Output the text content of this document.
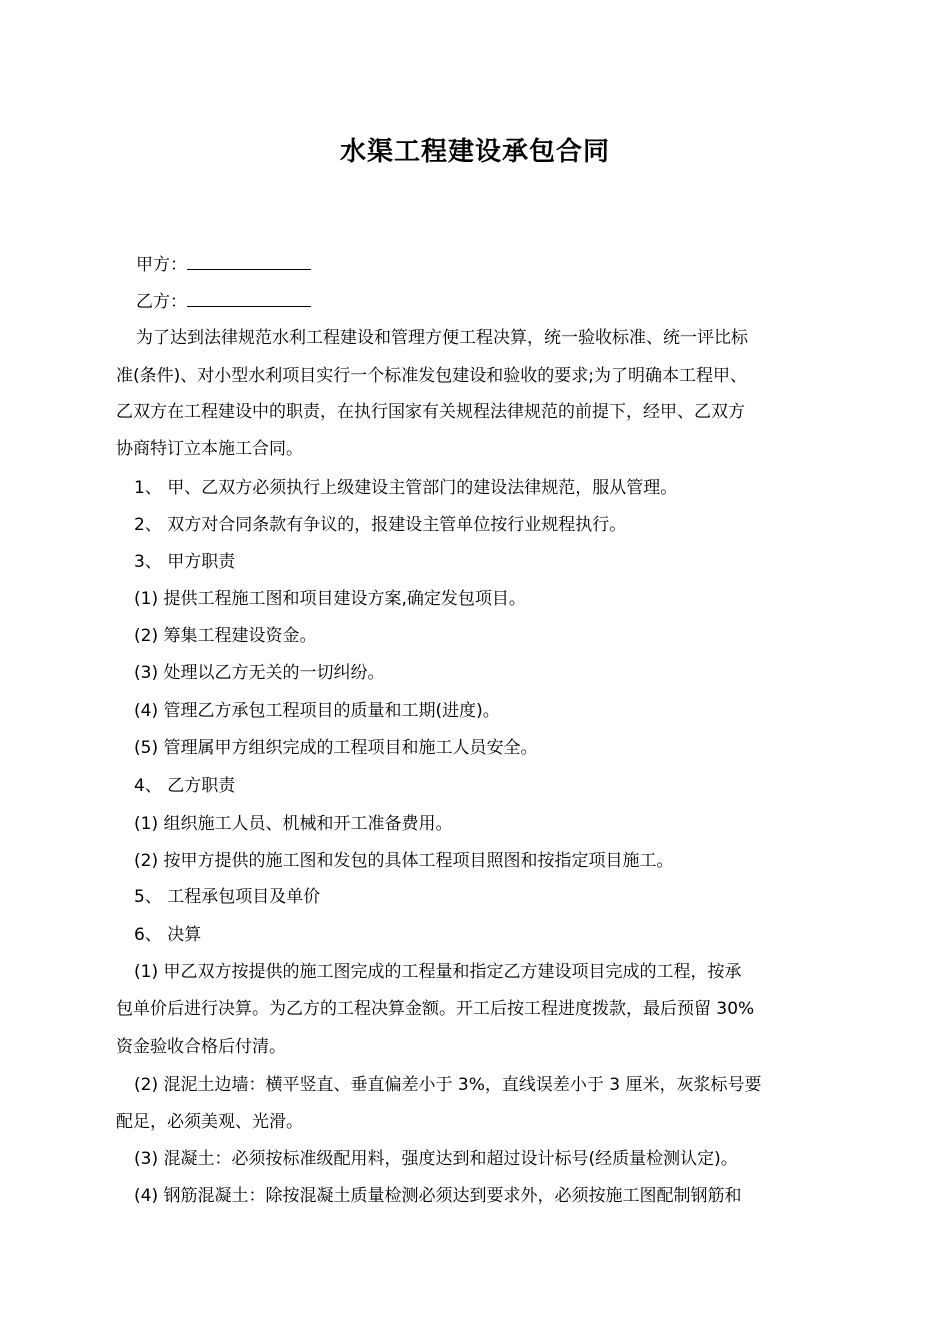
水渠工程建设承包合同
甲方：
乙方：
为了达到法律规范水利工程建设和管理方便工程决算，统一验收标准、统一评比标
准(条件)、对小型水利项目实行一个标准发包建设和验收的要求;为了明确本工程甲、
乙双方在工程建设中的职责，在执行国家有关规程法律规范的前提下，经甲、乙双方
协商特订立本施工合同。
1、 甲、乙双方必须执行上级建设主管部门的建设法律规范，服从管理。
2、 双方对合同条款有争议的，报建设主管单位按行业规程执行。
3、 甲方职责
(1) 提供工程施工图和项目建设方案,确定发包项目。
(2) 筹集工程建设资金。
(3) 处理以乙方无关的一切纠纷。
(4) 管理乙方承包工程项目的质量和工期(进度)。
(5) 管理属甲方组织完成的工程项目和施工人员安全。
4、 乙方职责
(1) 组织施工人员、机械和开工准备费用。
(2) 按甲方提供的施工图和发包的具体工程项目照图和按指定项目施工。
5、 工程承包项目及单价
6、 决算
(1) 甲乙双方按提供的施工图完成的工程量和指定乙方建设项目完成的工程，按承
包单价后进行决算。为乙方的工程决算金额。开工后按工程进度拨款，最后预留 30%
资金验收合格后付清。
(2) 混泥土边墙：横平竖直、垂直偏差小于 3%，直线误差小于 3 厘米，灰浆标号要
配足，必须美观、光滑。
(3) 混凝土：必须按标准级配用料，强度达到和超过设计标号(经质量检测认定)。
(4) 钢筋混凝土：除按混凝土质量检测必须达到要求外，必须按施工图配制钢筋和
